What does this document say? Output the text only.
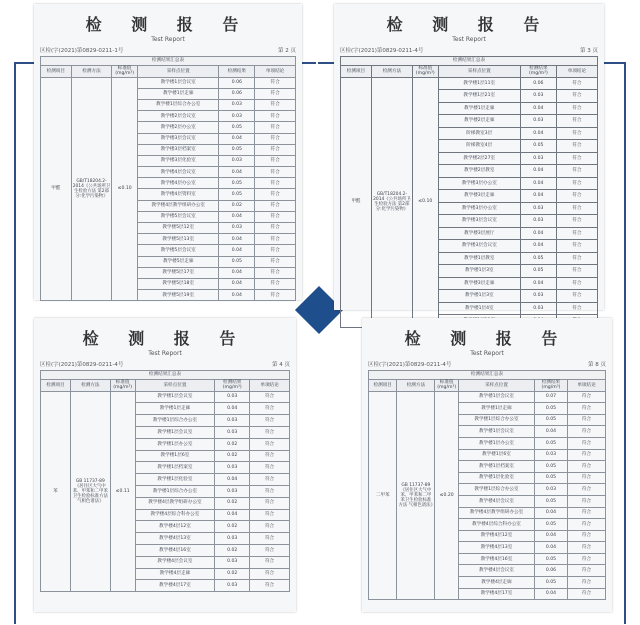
检 测 报 告
Test Report
区检(字(2021)第0829-0211-1号	第 2 页
检测结果汇总表					
检测项目	检测方法	标准值(mg/m³)	采样点位置	检测结果	单项结论
甲醛	GB/T18204.2-2014《公共场所卫生检验方法 第2部分:化学污染物》	≤0.10	教学楼1层会议室	0.06	符合
			教学楼1层走廊	0.06	符合
			教学楼1层综合办公室	0.03	符合
			教学楼2层会议室	0.03	符合
			教学楼2层办公室	0.05	符合
			教学楼3层会议室	0.04	符合
			教学楼3层档案室	0.05	符合
			教学楼3层化验室	0.03	符合
			教学楼4层会议室	0.04	符合
			教学楼4层办公室	0.05	符合
			教学楼4层资料室	0.05	符合
			教学楼4层教学组研办公室	0.02	符合
			教学楼5层会议室	0.04	符合
			教学楼5层12室	0.03	符合
			教学楼5层13室	0.04	符合
			教学楼5层会议室	0.04	符合
			教学楼5层走廊	0.05	符合
			教学楼5层17室	0.04	符合
			教学楼5层18室	0.04	符合
			教学楼5层19室	0.04	符合
检 测 报 告
Test Report
区检(字(2021)第0829-0211-4号	第 3 页
检测结果汇总表					
检测项目	检测方法	标准值(mg/m³)	采样点位置	检测结果(mg/m³)	单项结论
甲醛	GB/T18204.2-2014《公共场所卫生检验方法 第2部分:化学污染物》	≤0.10	教学楼1层11室	0.06	符合
			教学楼1层21室	0.03	符合
			教学楼1层走廊	0.04	符合
			教学楼2层走廊	0.03	符合
			阶梯教室3层	0.04	符合
			阶梯教室4层	0.05	符合
			教学楼2层27室	0.03	符合
			教学楼2层教室	0.04	符合
			教学楼3层办公室	0.04	符合
			教学楼3层走廊	0.04	符合
			教学楼3层办公室	0.03	符合
			教学楼3层会议室	0.03	符合
			教学楼3层展厅	0.04	符合
			教学楼3层会议室	0.04	符合
			教学楼1层教室	0.05	符合
			教学楼1层3室	0.05	符合
			教学楼3层走廊	0.04	符合
			教学楼1层3室	0.03	符合
			教学楼1层4室	0.03	符合

检 测 报 告
Test Report
区检(字(2021)第0829-0211-4号	第 4 页
检测结果汇总表					
检测项目	检测方法	标准值(mg/m³)	采样点位置	检测结果(mg/m³)	单项结论
苯	GB 11737-89《居住区大气中苯、甲苯和二甲苯卫生检验标准方法 气相色谱法》	≤0.11	教学楼1层会议室	0.03	符合
			教学楼1层走廊	0.04	符合
			教学楼1层综合办公室	0.03	符合
			教学楼1层会议室	0.03	符合
			教学楼1层办公室	0.02	符合
			教学楼1层6室	0.02	符合
			教学楼1层档案室	0.03	符合
			教学楼1层化验室	0.04	符合
			教学楼1层综合办公室	0.03	符合
			教学楼4层教学组研办公室	0.02	符合
			教学楼4层综合科办公室	0.04	符合
			教学楼4层12室	0.02	符合
			教学楼4层13室	0.03	符合
			教学楼4层16室	0.02	符合
			教学楼4层会议室	0.03	符合
			教学楼4层走廊	0.02	符合
			教学楼4层17室	0.03	符合
检 测 报 告
Test Report
区检(字(2021)第0829-0211-4号	第 8 页
检测结果汇总表					
检测项目	检测方法	标准值(mg/m³)	采样点位置	检测结果(mg/m³)	单项结论
二甲苯	GB 11737-89《居住区大气中苯、甲苯和二甲苯卫生检验标准方法 气相色谱法》	≤0.20	教学楼1层会议室	0.07	符合
			教学楼1层走廊	0.05	符合
			教学楼1层综合办公室	0.05	符合
			教学楼1层会议室	0.04	符合
			教学楼1层办公室	0.05	符合
			教学楼1层6室	0.03	符合
			教学楼1层档案室	0.05	符合
			教学楼1层化验室	0.05	符合
			教学楼1层综合办公室	0.03	符合
			教学楼4层会议室	0.05	符合
			教学楼4层教学组研办公室	0.04	符合
			教学楼4层综合科办公室	0.05	符合
			教学楼4层12室	0.04	符合
			教学楼4层13室	0.04	符合
			教学楼4层16室	0.05	符合
			教学楼4层会议室	0.06	符合
			教学楼4层走廊	0.05	符合
			教学楼4层17室	0.04	符合
